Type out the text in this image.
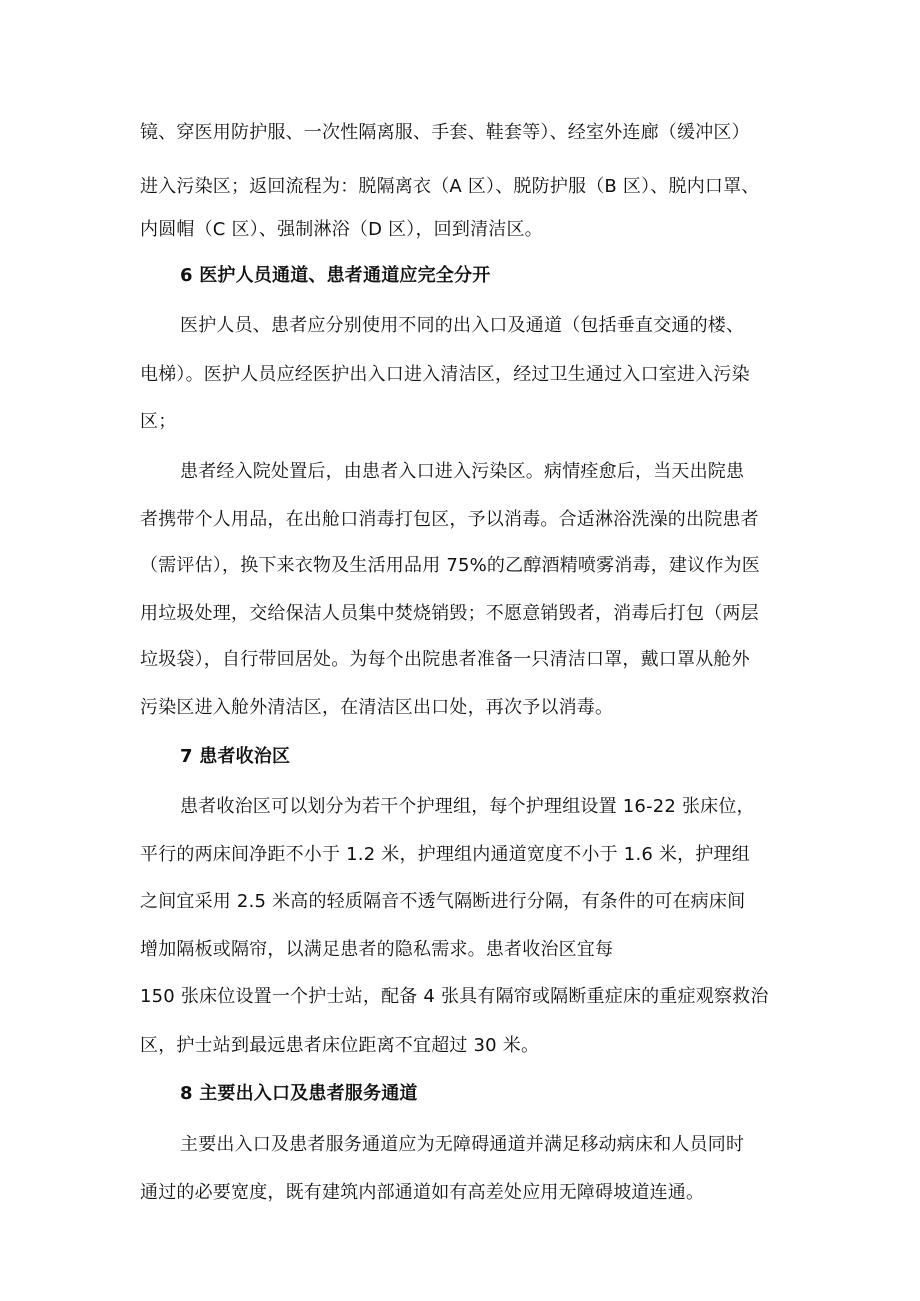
镜、穿医用防护服、一次性隔离服、手套、鞋套等）、经室外连廊（缓冲区）
进入污染区；返回流程为：脱隔离衣（A 区）、脱防护服（B 区）、脱内口罩、
内圆帽（C 区）、强制淋浴（D 区），回到清洁区。
6 医护人员通道、患者通道应完全分开
医护人员、患者应分别使用不同的出入口及通道（包括垂直交通的楼、
电梯）。医护人员应经医护出入口进入清洁区，经过卫生通过入口室进入污染
区；
患者经入院处置后，由患者入口进入污染区。病情痊愈后，当天出院患
者携带个人用品，在出舱口消毒打包区，予以消毒。合适淋浴洗澡的出院患者
（需评估），换下来衣物及生活用品用 75%的乙醇酒精喷雾消毒，建议作为医
用垃圾处理，交给保洁人员集中焚烧销毁；不愿意销毁者，消毒后打包（两层
垃圾袋），自行带回居处。为每个出院患者准备一只清洁口罩，戴口罩从舱外
污染区进入舱外清洁区，在清洁区出口处，再次予以消毒。
7 患者收治区
患者收治区可以划分为若干个护理组，每个护理组设置 16-22 张床位，
平行的两床间净距不小于 1.2 米，护理组内通道宽度不小于 1.6 米，护理组
之间宜采用 2.5 米高的轻质隔音不透气隔断进行分隔，有条件的可在病床间
增加隔板或隔帘，以满足患者的隐私需求。患者收治区宜每
150 张床位设置一个护士站，配备 4 张具有隔帘或隔断重症床的重症观察救治
区，护士站到最远患者床位距离不宜超过 30 米。
8 主要出入口及患者服务通道
主要出入口及患者服务通道应为无障碍通道并满足移动病床和人员同时
通过的必要宽度，既有建筑内部通道如有高差处应用无障碍坡道连通。
